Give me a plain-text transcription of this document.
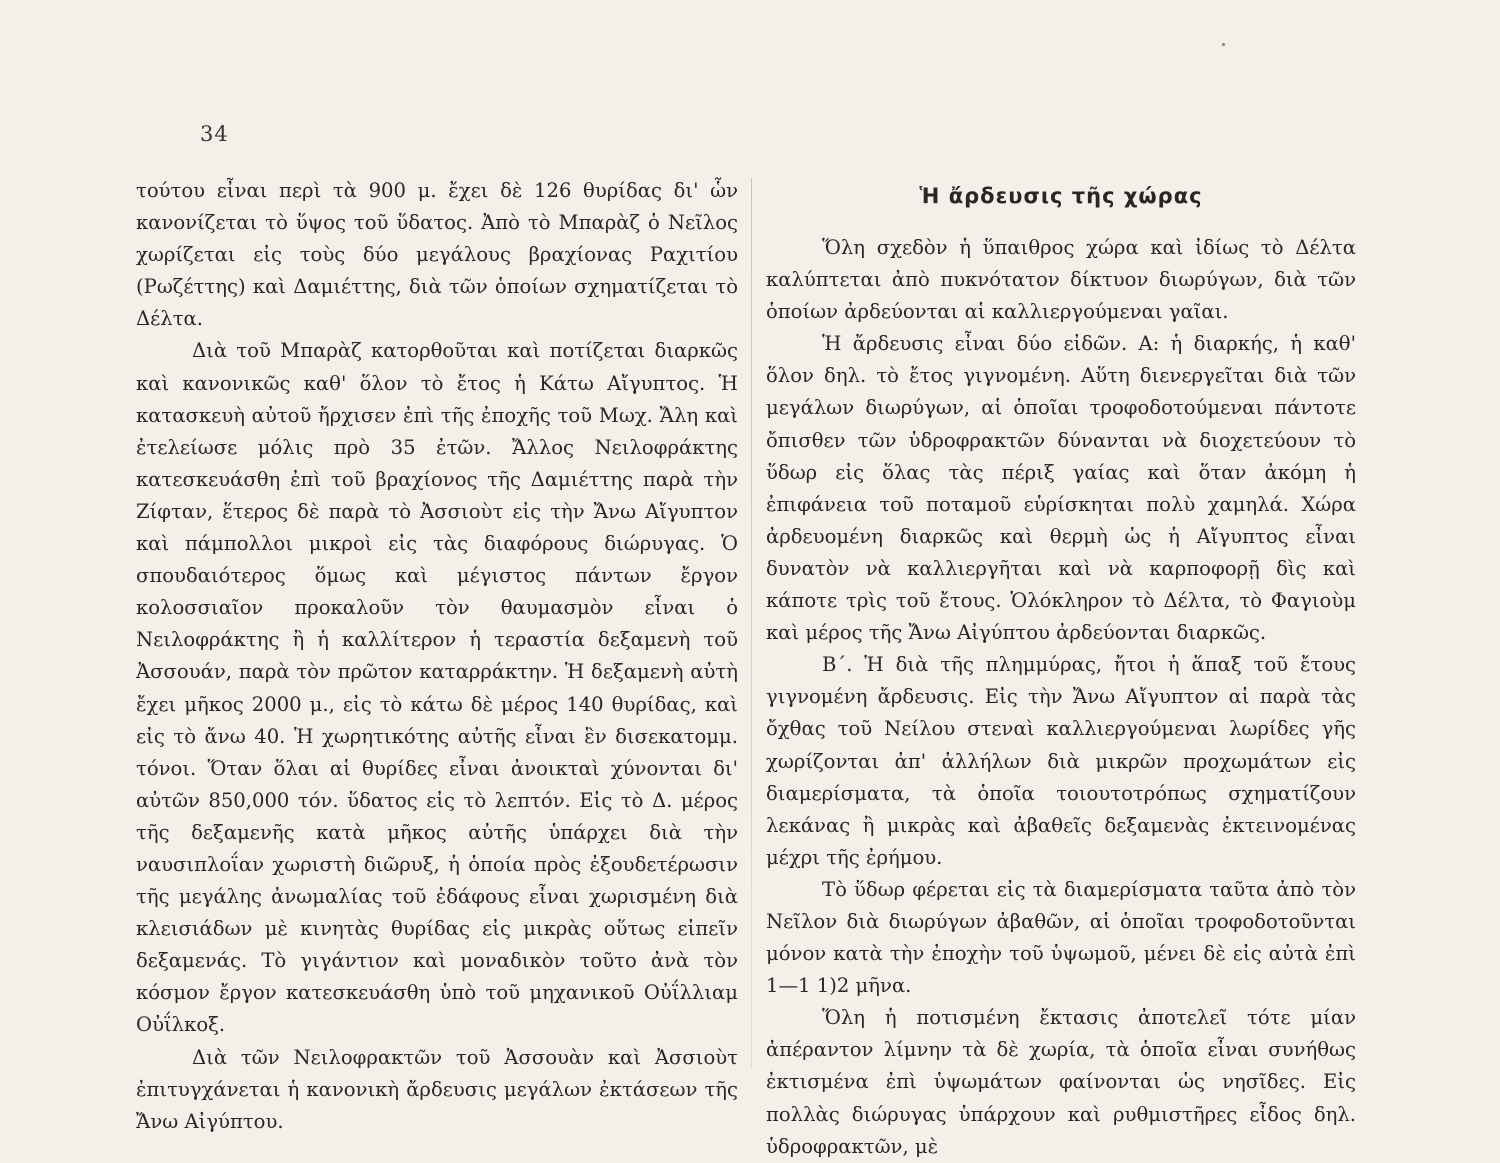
34

τούτου εἶναι περὶ τὰ 900 μ. ἔχει δὲ 126 θυρίδας δι' ὧν κανονίζεται τὸ ὕψος τοῦ ὕδατος. Ἀπὸ τὸ Μπαρὰζ ὁ Νεῖλος χωρίζεται εἰς τοὺς δύο μεγάλους βραχίονας Ραχιτίου (Ρωζέττης) καὶ Δαμιέττης, διὰ τῶν ὁποίων σχηματίζεται τὸ Δέλτα.

Διὰ τοῦ Μπαρὰζ κατορθοῦται καὶ ποτίζεται διαρκῶς καὶ κανονικῶς καθ' ὅλον τὸ ἔτος ἡ Κάτω Αἴγυπτος. Ἡ κατασκευὴ αὐτοῦ ἤρχισεν ἐπὶ τῆς ἐποχῆς τοῦ Μωχ. Ἄλη καὶ ἐτελείωσε μόλις πρὸ 35 ἐτῶν. Ἄλλος Νειλοφράκτης κατεσκευάσθη ἐπὶ τοῦ βραχίονος τῆς Δαμιέττης παρὰ τὴν Ζίφταν, ἕτερος δὲ παρὰ τὸ Ἀσσιοὺτ εἰς τὴν Ἄνω Αἴγυπτον καὶ πάμπολλοι μικροὶ εἰς τὰς διαφόρους διώρυγας. Ὁ σπουδαιότερος ὅμως καὶ μέγιστος πάντων ἔργον κολοσσιαῖον προκαλοῦν τὸν θαυμασμὸν εἶναι ὁ Νειλοφράκτης ἢ ἡ καλλίτερον ἡ τεραστία δεξαμενὴ τοῦ Ἀσσουάν, παρὰ τὸν πρῶτον καταρράκτην. Ἡ δεξαμενὴ αὐτὴ ἔχει μῆκος 2000 μ., εἰς τὸ κάτω δὲ μέρος 140 θυρίδας, καὶ εἰς τὸ ἄνω 40. Ἡ χωρητικότης αὐτῆς εἶναι ἓν δισεκατομμ. τόνοι. Ὅταν ὅλαι αἱ θυρίδες εἶναι ἀνοικταὶ χύνονται δι' αὐτῶν 850,000 τόν. ὕδατος εἰς τὸ λεπτόν. Εἰς τὸ Δ. μέρος τῆς δεξαμενῆς κατὰ μῆκος αὐτῆς ὑπάρχει διὰ τὴν ναυσιπλοΐαν χωριστὴ διῶρυξ, ἡ ὁποία πρὸς ἐξουδετέρωσιν τῆς μεγάλης ἀνωμαλίας τοῦ ἐδάφους εἶναι χωρισμένη διὰ κλεισιάδων μὲ κινητὰς θυρίδας εἰς μικρὰς οὕτως εἰπεῖν δεξαμενάς. Τὸ γιγάντιον καὶ μοναδικὸν τοῦτο ἀνὰ τὸν κόσμον ἔργον κατεσκευάσθη ὑπὸ τοῦ μηχανικοῦ Οὐΐλλιαμ Οὐΐλκοξ.

Διὰ τῶν Νειλοφρακτῶν τοῦ Ἀσσουὰν καὶ Ἀσσιοὺτ ἐπιτυγχάνεται ἡ κανονικὴ ἄρδευσις μεγάλων ἐκτάσεων τῆς Ἄνω Αἰγύπτου.

Ἡ ἄρδευσις τῆς χώρας

Ὅλη σχεδὸν ἡ ὕπαιθρος χώρα καὶ ἰδίως τὸ Δέλτα καλύπτεται ἀπὸ πυκνότατον δίκτυον διωρύγων, διὰ τῶν ὁποίων ἀρδεύονται αἱ καλλιεργούμεναι γαῖαι.

Ἡ ἄρδευσις εἶναι δύο εἰδῶν. Α: ἡ διαρκής, ἡ καθ' ὅλον δηλ. τὸ ἔτος γιγνομένη. Αὕτη διενεργεῖται διὰ τῶν μεγάλων διωρύγων, αἱ ὁποῖαι τροφοδοτούμεναι πάντοτε ὄπισθεν τῶν ὑδροφρακτῶν δύνανται νὰ διοχετεύουν τὸ ὕδωρ εἰς ὅλας τὰς πέριξ γαίας καὶ ὅταν ἀκόμη ἡ ἐπιφάνεια τοῦ ποταμοῦ εὑρίσκηται πολὺ χαμηλά. Χώρα ἀρδευομένη διαρκῶς καὶ θερμὴ ὡς ἡ Αἴγυπτος εἶναι δυνατὸν νὰ καλλιεργῆται καὶ νὰ καρποφορῇ δὶς καὶ κάποτε τρὶς τοῦ ἔτους. Ὁλόκληρον τὸ Δέλτα, τὸ Φαγιοὺμ καὶ μέρος τῆς Ἄνω Αἰγύπτου ἀρδεύονται διαρκῶς.

Β΄. Ἡ διὰ τῆς πλημμύρας, ἤτοι ἡ ἅπαξ τοῦ ἔτους γιγνομένη ἄρδευσις. Εἰς τὴν Ἄνω Αἴγυπτον αἱ παρὰ τὰς ὄχθας τοῦ Νείλου στεναὶ καλλιεργούμεναι λωρίδες γῆς χωρίζονται ἀπ' ἀλλήλων διὰ μικρῶν προχωμάτων εἰς διαμερίσματα, τὰ ὁποῖα τοιουτοτρόπως σχηματίζουν λεκάνας ἢ μικρὰς καὶ ἀβαθεῖς δεξαμενὰς ἐκτεινομένας μέχρι τῆς ἐρήμου.

Τὸ ὕδωρ φέρεται εἰς τὰ διαμερίσματα ταῦτα ἀπὸ τὸν Νεῖλον διὰ διωρύγων ἀβαθῶν, αἱ ὁποῖαι τροφοδοτοῦνται μόνον κατὰ τὴν ἐποχὴν τοῦ ὑψωμοῦ, μένει δὲ εἰς αὐτὰ ἐπὶ 1—1 1)2 μῆνα.

Ὅλη ἡ ποτισμένη ἔκτασις ἀποτελεῖ τότε μίαν ἀπέραντον λίμνην τὰ δὲ χωρία, τὰ ὁποῖα εἶναι συνήθως ἐκτισμένα ἐπὶ ὑψωμάτων φαίνονται ὡς νησῖδες. Εἰς πολλὰς διώρυγας ὑπάρχουν καὶ ρυθμιστῆρες εἶδος δηλ. ὑδροφρακτῶν, μὲ
